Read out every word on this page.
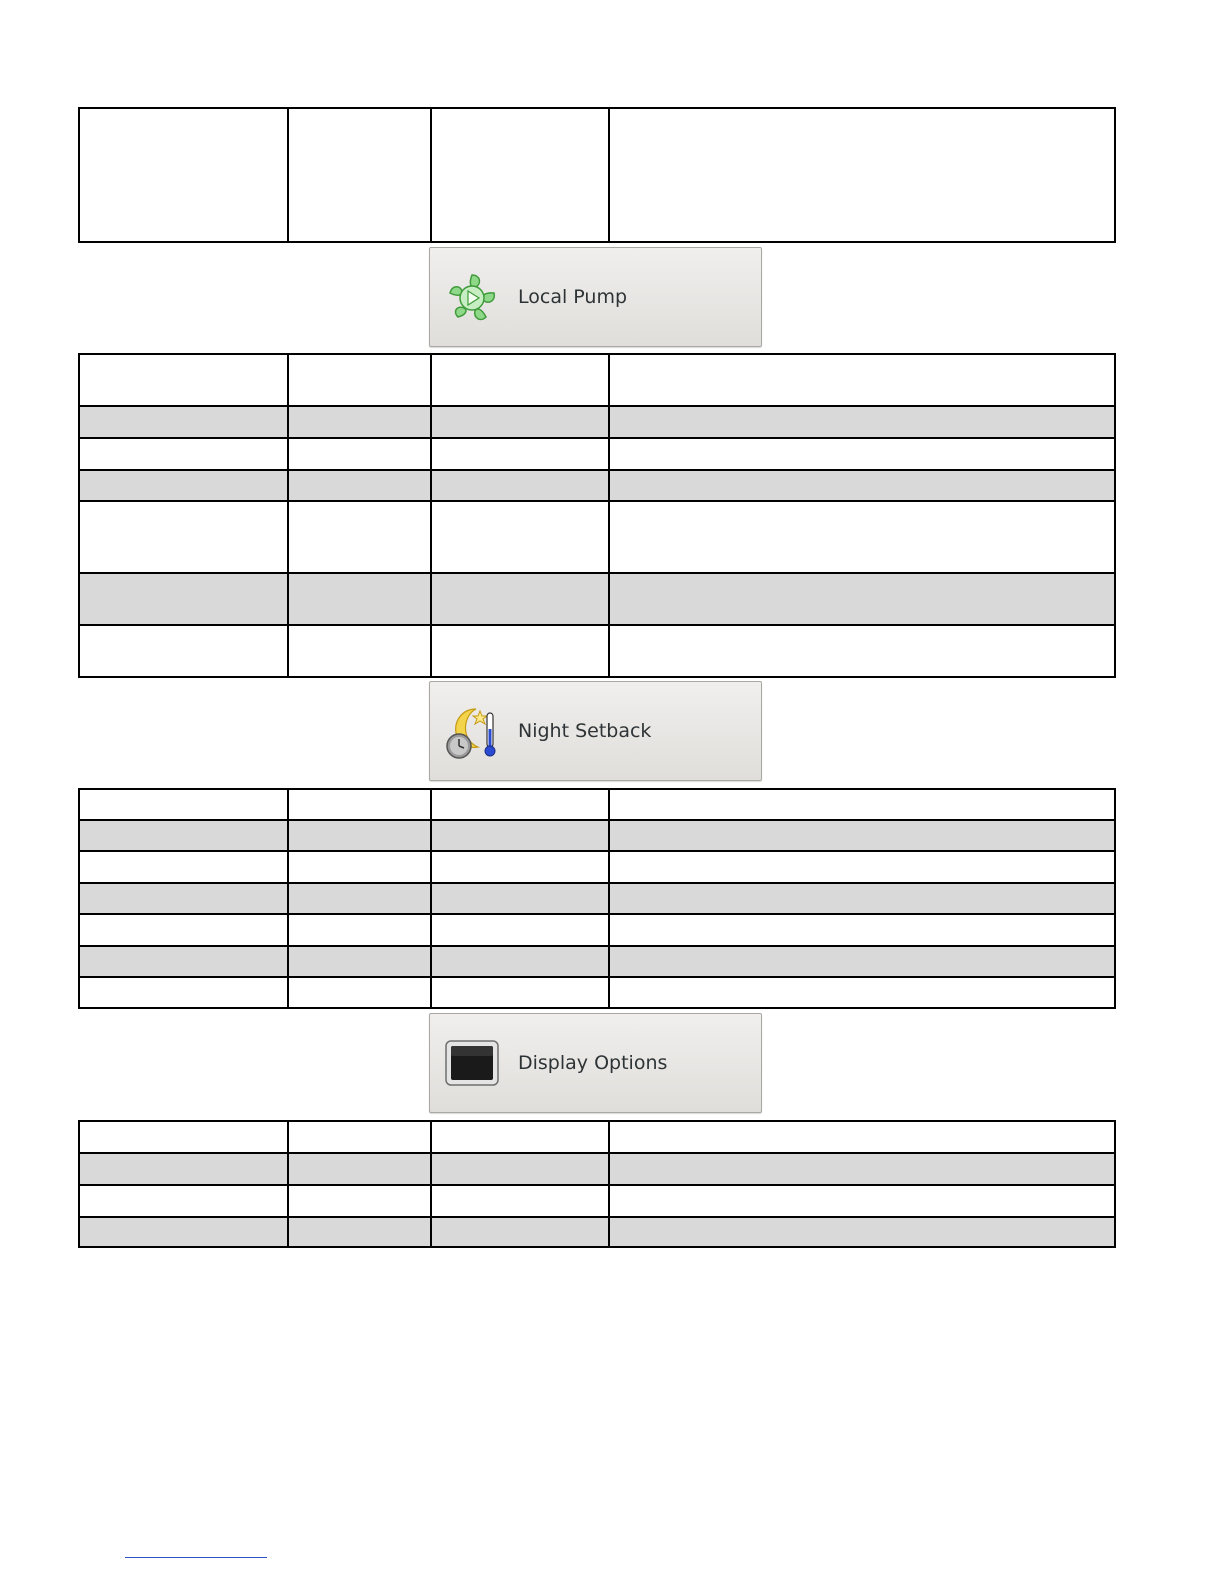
Local Pump

Night Setback

Display Options
